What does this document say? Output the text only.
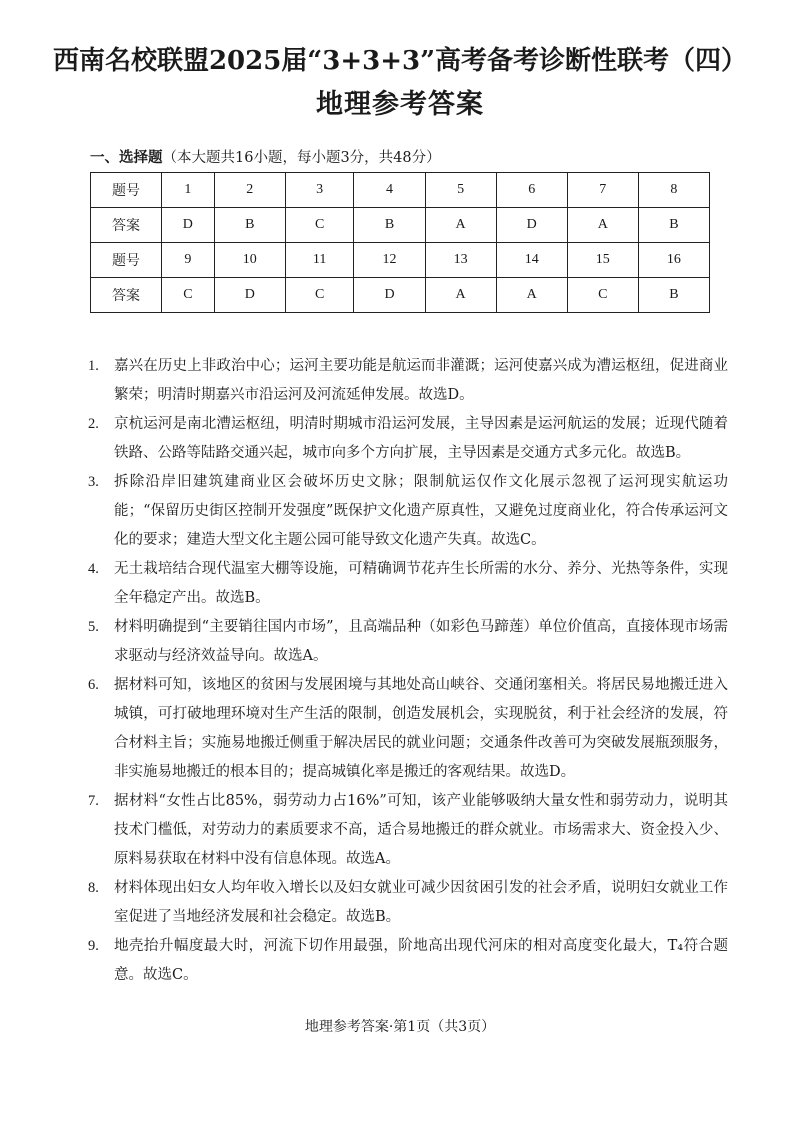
西南名校联盟2025届“3+3+3”高考备考诊断性联考（四）
地理参考答案
一、选择题（本大题共16小题，每小题3分，共48分）
题号	1	2	3	4	5	6	7	8
答案	D	B	C	B	A	D	A	B
题号	9	10	11	12	13	14	15	16
答案	C	D	C	D	A	A	C	B
1. 嘉兴在历史上非政治中心；运河主要功能是航运而非灌溉；运河使嘉兴成为漕运枢纽，促进商业繁荣；明清时期嘉兴市沿运河及河流延伸发展。故选D。
2. 京杭运河是南北漕运枢纽，明清时期城市沿运河发展，主导因素是运河航运的发展；近现代随着铁路、公路等陆路交通兴起，城市向多个方向扩展，主导因素是交通方式多元化。故选B。
3. 拆除沿岸旧建筑建商业区会破坏历史文脉；限制航运仅作文化展示忽视了运河现实航运功能；“保留历史街区控制开发强度”既保护文化遗产原真性，又避免过度商业化，符合传承运河文化的要求；建造大型文化主题公园可能导致文化遗产失真。故选C。
4. 无土栽培结合现代温室大棚等设施，可精确调节花卉生长所需的水分、养分、光热等条件，实现全年稳定产出。故选B。
5. 材料明确提到“主要销往国内市场”，且高端品种（如彩色马蹄莲）单位价值高，直接体现市场需求驱动与经济效益导向。故选A。
6. 据材料可知，该地区的贫困与发展困境与其地处高山峡谷、交通闭塞相关。将居民易地搬迁进入城镇，可打破地理环境对生产生活的限制，创造发展机会，实现脱贫，利于社会经济的发展，符合材料主旨；实施易地搬迁侧重于解决居民的就业问题；交通条件改善可为突破发展瓶颈服务，非实施易地搬迁的根本目的；提高城镇化率是搬迁的客观结果。故选D。
7. 据材料“女性占比85%，弱劳动力占16%”可知，该产业能够吸纳大量女性和弱劳动力，说明其技术门槛低，对劳动力的素质要求不高，适合易地搬迁的群众就业。市场需求大、资金投入少、原料易获取在材料中没有信息体现。故选A。
8. 材料体现出妇女人均年收入增长以及妇女就业可减少因贫困引发的社会矛盾，说明妇女就业工作室促进了当地经济发展和社会稳定。故选B。
9. 地壳抬升幅度最大时，河流下切作用最强，阶地高出现代河床的相对高度变化最大，T₄符合题意。故选C。
地理参考答案·第1页（共3页）
